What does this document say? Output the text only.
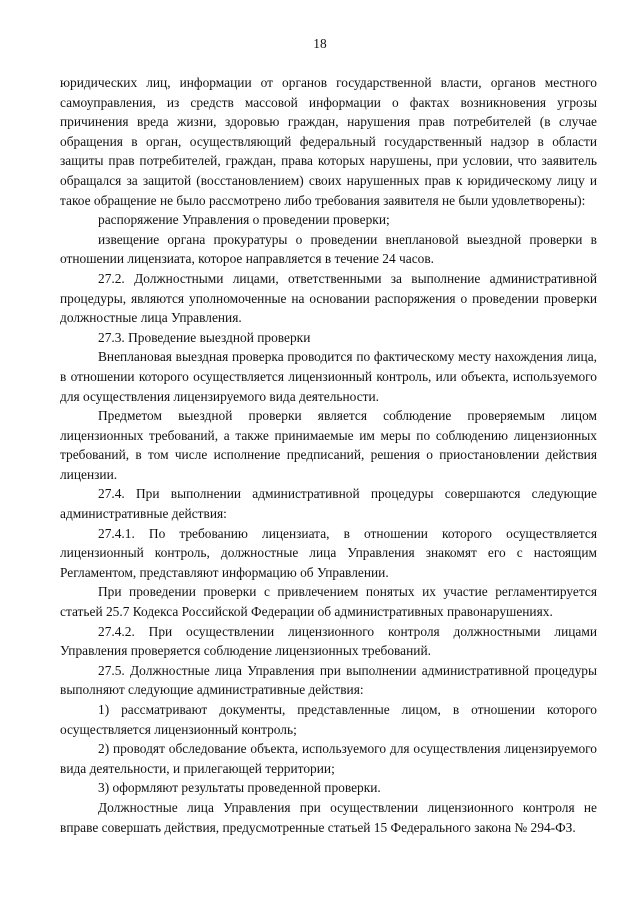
18

юридических лиц, информации от органов государственной власти, органов местного самоуправления, из средств массовой информации о фактах возникновения угрозы причинения вреда жизни, здоровью граждан, нарушения прав потребителей (в случае обращения в орган, осуществляющий федеральный государственный надзор в области защиты прав потребителей, граждан, права которых нарушены, при условии, что заявитель обращался за защитой (восстановлением) своих нарушенных прав к юридическому лицу и такое обращение не было рассмотрено либо требования заявителя не были удовлетворены):

распоряжение Управления о проведении проверки;

извещение органа прокуратуры о проведении внеплановой выездной проверки в отношении лицензиата, которое направляется в течение 24 часов.

27.2. Должностными лицами, ответственными за выполнение административной процедуры, являются уполномоченные на основании распоряжения о проведении проверки должностные лица Управления.

27.3. Проведение выездной проверки

Внеплановая выездная проверка проводится по фактическому месту нахождения лица, в отношении которого осуществляется лицензионный контроль, или объекта, используемого для осуществления лицензируемого вида деятельности.

Предметом выездной проверки является соблюдение проверяемым лицом лицензионных требований, а также принимаемые им меры по соблюдению лицензионных требований, в том числе исполнение предписаний, решения о приостановлении действия лицензии.

27.4. При выполнении административной процедуры совершаются следующие административные действия:

27.4.1. По требованию лицензиата, в отношении которого осуществляется лицензионный контроль, должностные лица Управления знакомят его с настоящим Регламентом, представляют информацию об Управлении.

При проведении проверки с привлечением понятых их участие регламентируется статьей 25.7 Кодекса Российской Федерации об административных правонарушениях.

27.4.2. При осуществлении лицензионного контроля должностными лицами Управления проверяется соблюдение лицензионных требований.

27.5. Должностные лица Управления при выполнении административной процедуры выполняют следующие административные действия:

1) рассматривают документы, представленные лицом, в отношении которого осуществляется лицензионный контроль;

2) проводят обследование объекта, используемого для осуществления лицензируемого вида деятельности, и прилегающей территории;

3) оформляют результаты проведенной проверки.

Должностные лица Управления при осуществлении лицензионного контроля не вправе совершать действия, предусмотренные статьей 15 Федерального закона № 294-ФЗ.
